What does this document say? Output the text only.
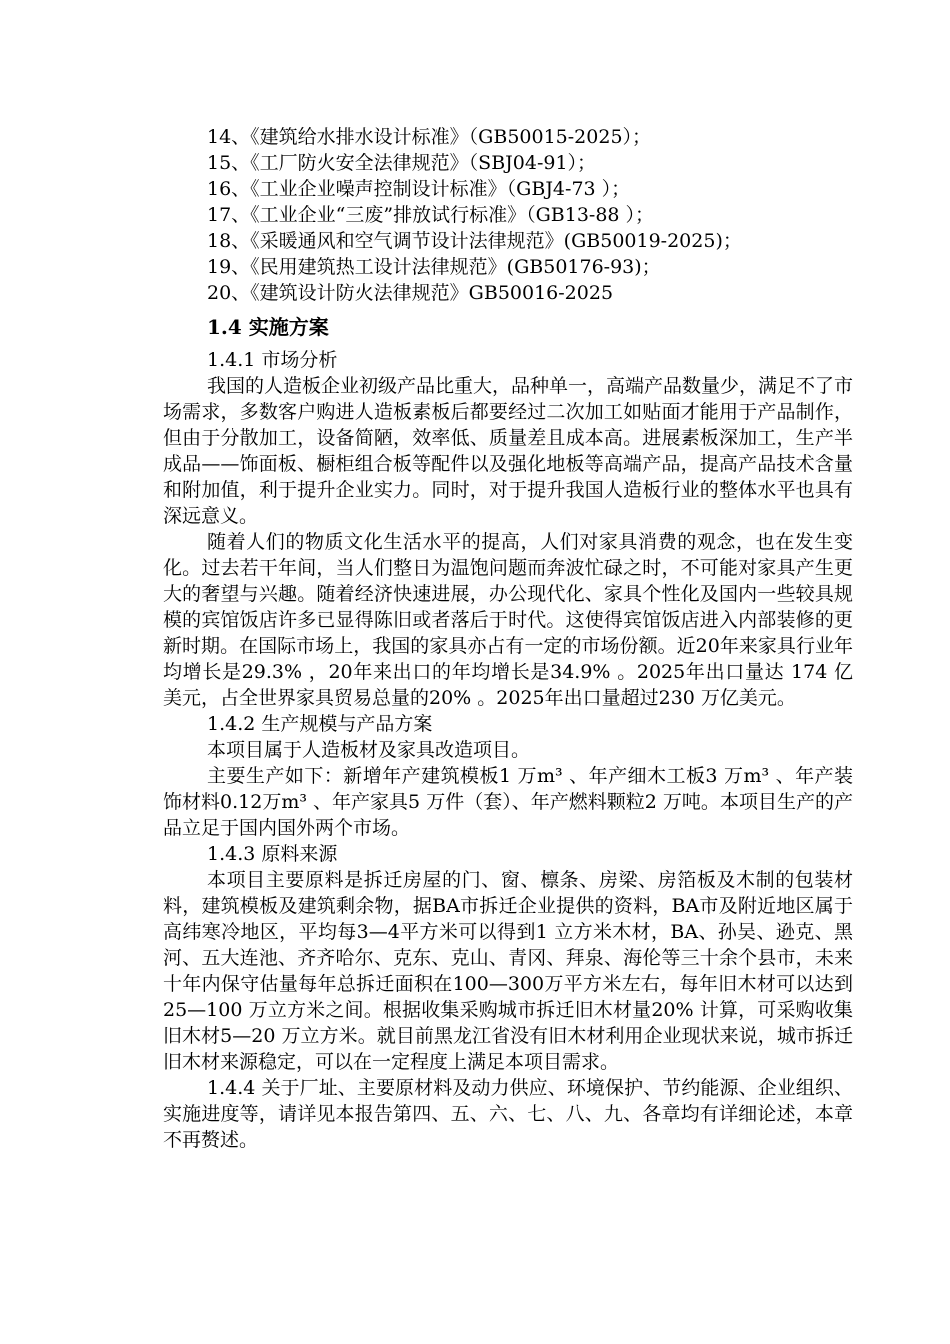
14、《建筑给水排水设计标准》（GB50015-2025）；
15、《工厂防火安全法律规范》（SBJ04-91）；
16、《工业企业噪声控制设计标准》（GBJ4-73 ）；
17、《工业企业“三废”排放试行标准》（GB13-88 ）；
18、《采暖通风和空气调节设计法律规范》(GB50019-2025)；
19、《民用建筑热工设计法律规范》(GB50176-93)；
20、《建筑设计防火法律规范》GB50016-2025
1.4 实施方案

1.4.1 市场分析

我国的人造板企业初级产品比重大，品种单一，高端产品数量少，满足不了市场需求，多数客户购进人造板素板后都要经过二次加工如贴面才能用于产品制作，但由于分散加工，设备简陋，效率低、质量差且成本高。进展素板深加工，生产半成品——饰面板、橱柜组合板等配件以及强化地板等高端产品，提高产品技术含量和附加值，利于提升企业实力。同时，对于提升我国人造板行业的整体水平也具有深远意义。

随着人们的物质文化生活水平的提高，人们对家具消费的观念，也在发生变化。过去若干年间，当人们整日为温饱问题而奔波忙碌之时，不可能对家具产生更大的奢望与兴趣。随着经济快速进展，办公现代化、家具个性化及国内一些较具规模的宾馆饭店许多已显得陈旧或者落后于时代。这使得宾馆饭店进入内部装修的更新时期。在国际市场上，我国的家具亦占有一定的市场份额。近20年来家具行业年均增长是29.3% ，20年来出口的年均增长是34.9% 。2025年出口量达 174 亿美元，占全世界家具贸易总量的20% 。2025年出口量超过230 万亿美元。

1.4.2 生产规模与产品方案

本项目属于人造板材及家具改造项目。

主要生产如下：新增年产建筑模板1 万m³ 、年产细木工板3 万m³ 、年产装饰材料0.12万m³ 、年产家具5 万件（套）、年产燃料颗粒2 万吨。本项目生产的产品立足于国内国外两个市场。

1.4.3 原料来源

本项目主要原料是拆迁房屋的门、窗、檩条、房梁、房箔板及木制的包装材料，建筑模板及建筑剩余物，据BA市拆迁企业提供的资料，BA市及附近地区属于高纬寒冷地区，平均每3—4平方米可以得到1 立方米木材，BA、孙吴、逊克、黑河、五大连池、齐齐哈尔、克东、克山、青冈、拜泉、海伦等三十余个县市，未来十年内保守估量每年总拆迁面积在100—300万平方米左右，每年旧木材可以达到25—100 万立方米之间。根据收集采购城市拆迁旧木材量20% 计算，可采购收集旧木材5—20 万立方米。就目前黑龙江省没有旧木材利用企业现状来说，城市拆迁旧木材来源稳定，可以在一定程度上满足本项目需求。

1.4.4 关于厂址、主要原材料及动力供应、环境保护、节约能源、企业组织、实施进度等，请详见本报告第四、五、六、七、八、九、各章均有详细论述，本章不再赘述。
